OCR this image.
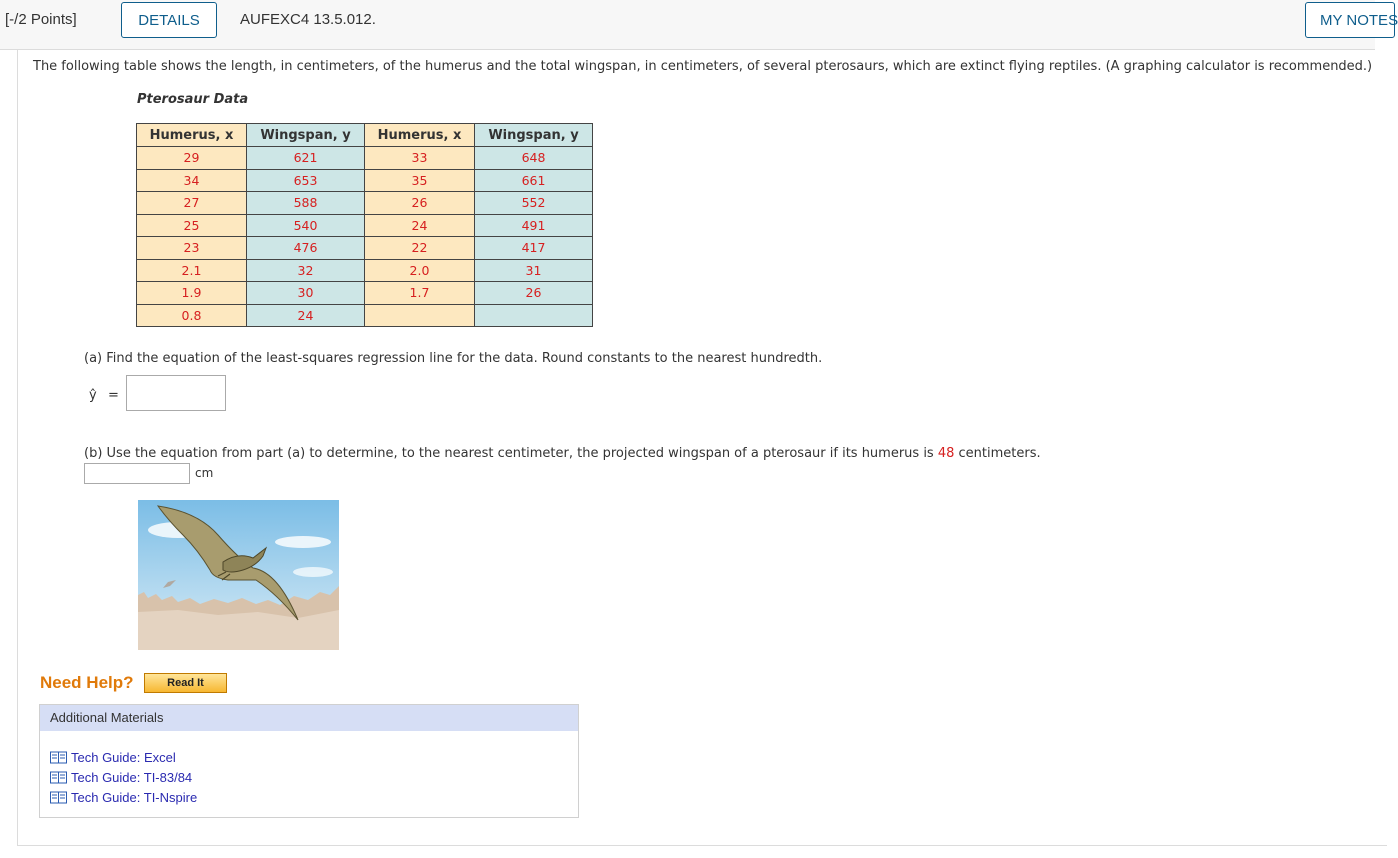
[-/2 Points]	DETAILS	AUFEXC4 13.5.012.	MY NOTES
The following table shows the length, in centimeters, of the humerus and the total wingspan, in centimeters, of several pterosaurs, which are extinct flying reptiles. (A graphing calculator is recommended.)
Pterosaur Data
Humerus, x	Wingspan, y	Humerus, x	Wingspan, y
29	621	33	648
34	653	35	661
27	588	26	552
25	540	24	491
23	476	22	417
2.1	32	2.0	31
1.9	30	1.7	26
0.8	24		
(a) Find the equation of the least-squares regression line for the data. Round constants to the nearest hundredth.
ŷ =
(b) Use the equation from part (a) to determine, to the nearest centimeter, the projected wingspan of a pterosaur if its humerus is 48 centimeters.
cm
Need Help?	Read It
Additional Materials
Tech Guide: Excel
Tech Guide: TI-83/84
Tech Guide: TI-Nspire
